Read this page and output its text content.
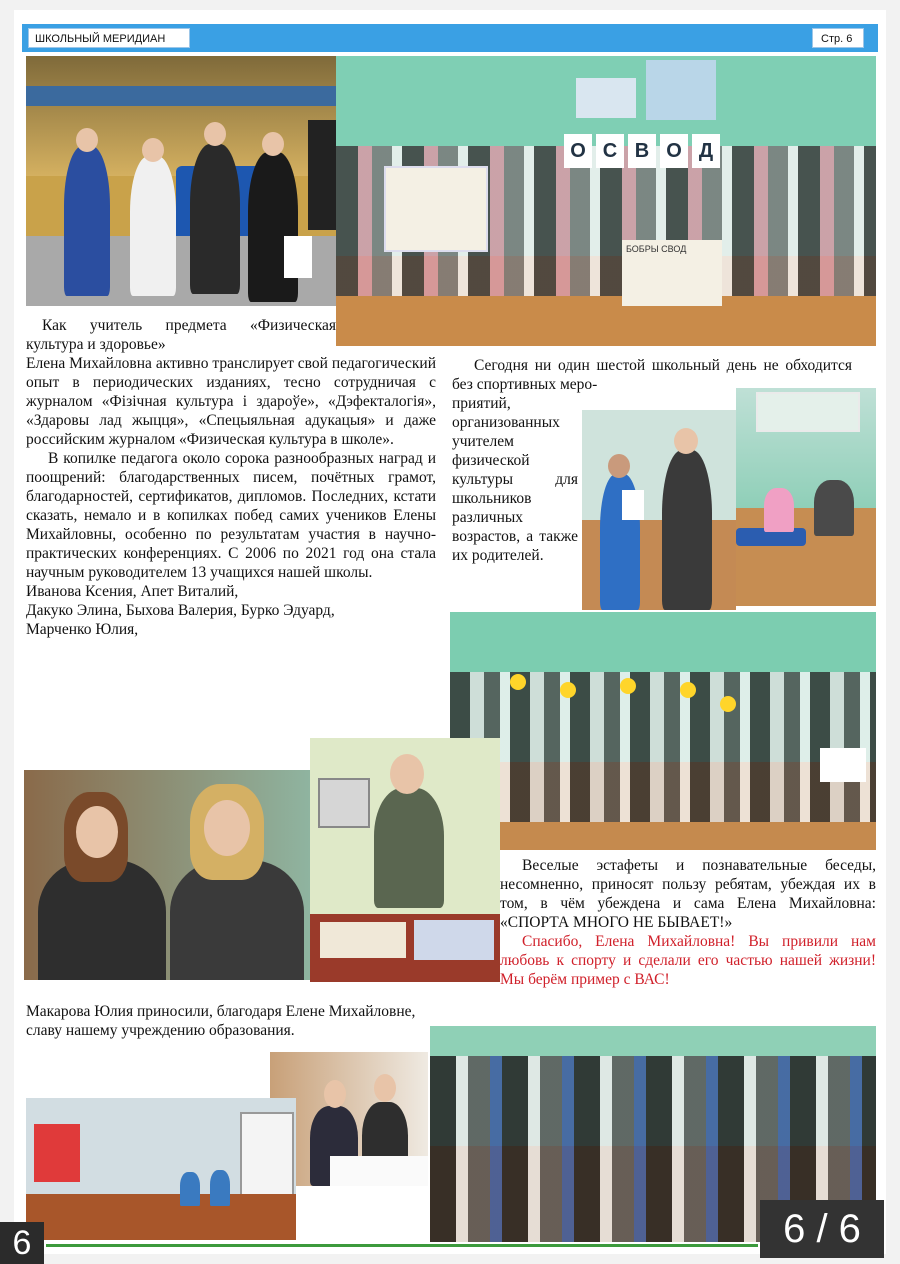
ШКОЛЬНЫЙ МЕРИДИАН	Стр. 6
БОБРЫ СВОД
О С В О Д

Как учитель предмета «Физическая культура и здоровье»

Елена Михайловна активно транслирует свой педагогический опыт в периодических изданиях, тесно сотрудничая с журналом «Фізічная культура і здароўе», «Дэфекталогія», «Здаровы лад жыцця», «Спецыяльная адукацыя» и даже российским журналом «Физическая культура в школе».

В копилке педагога около сорока разнообразных наград и поощрений: благодарственных писем, почётных грамот, благодарностей, сертификатов, дипломов. Последних, кстати сказать, немало и в копилках побед самих учеников Елены Михайловны, особенно по результатам участия в научно-практических конференциях. С 2006 по 2021 год она стала научным руководителем 13 учащихся нашей школы.

Иванова Ксения, Апет Виталий,

Дакуко Элина, Быхова Валерия, Бурко Эдуард,

Марченко Юлия,

Сегодня ни один шестой школьный день не обходится без спортивных меро-

приятий, организованных учителем физической культуры для школьников различных возрастов, а также их родителей.

Веселые эстафеты и познавательные беседы, несомненно, приносят пользу ребятам, убеждая их в том, в чём убеждена и сама Елена Михайловна: «СПОРТА МНОГО НЕ БЫВАЕТ!»

Спасибо, Елена Михайловна! Вы привили нам любовь к спорту и сделали его частью нашей жизни! Мы берём пример с ВАС!

Макарова Юлия приносили, благодаря Елене Михайловне, славу нашему учреждению образования.

6	6 / 6
